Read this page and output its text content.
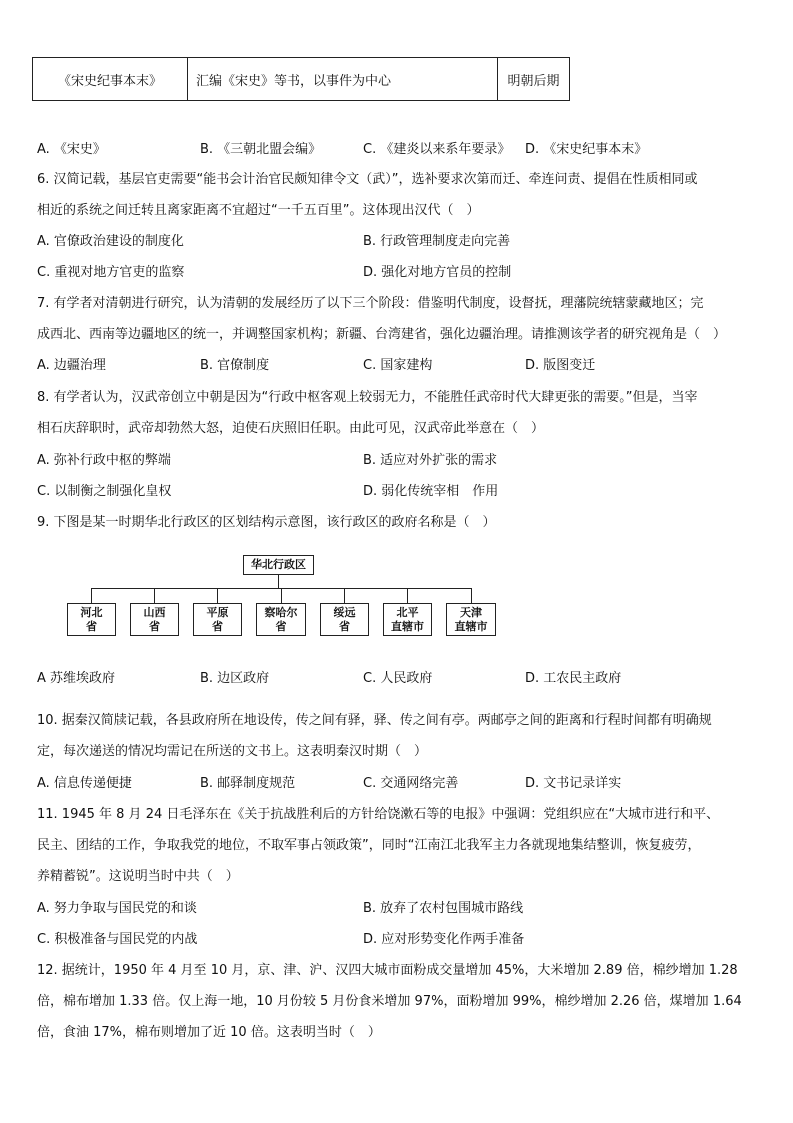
《宋史纪事本末》	汇编《宋史》等书，以事件为中心	明朝后期
A. 《宋史》	B. 《三朝北盟会编》	C. 《建炎以来系年要录》 D. 《宋史纪事本末》
6. 汉简记载，基层官吏需要“能书会计治官民颇知律令文（武）”，选补要求次第而迁、牵连问责、提倡在性质相同或
相近的系统之间迁转且离家距离不宜超过“一千五百里”。这体现出汉代（　）
A. 官僚政治建设的制度化	B. 行政管理制度走向完善
C. 重视对地方官吏的监察	D. 强化对地方官员的控制
7. 有学者对清朝进行研究，认为清朝的发展经历了以下三个阶段：借鉴明代制度，设督抚，理藩院统辖蒙藏地区；完
成西北、西南等边疆地区的统一，并调整国家机构；新疆、台湾建省，强化边疆治理。请推测该学者的研究视角是（　）
A. 边疆治理	B. 官僚制度	C. 国家建构	D. 版图变迁
8. 有学者认为，汉武帝创立中朝是因为“行政中枢客观上较弱无力，不能胜任武帝时代大肆更张的需要。”但是，当宰
相石庆辞职时，武帝却勃然大怒，迫使石庆照旧任职。由此可见，汉武帝此举意在（　）
A. 弥补行政中枢的弊端	B. 适应对外扩张的需求
C. 以制衡之制强化皇权	D. 弱化传统宰相　作用
9. 下图是某一时期华北行政区的区划结构示意图，该行政区的政府名称是（　）
华北行政区
河北
省
山西
省
平原
省
察哈尔
省
绥远
省
北平
直辖市
天津
直辖市
A 苏维埃政府	B. 边区政府	C. 人民政府	D. 工农民主政府
10. 据秦汉简牍记载，各县政府所在地设传，传之间有驿，驿、传之间有亭。两邮亭之间的距离和行程时间都有明确规
定，每次递送的情况均需记在所送的文书上。这表明秦汉时期（　）
A. 信息传递便捷	B. 邮驿制度规范	C. 交通网络完善	D. 文书记录详实
11. 1945 年 8 月 24 日毛泽东在《关于抗战胜利后的方针给饶漱石等的电报》中强调：党组织应在“大城市进行和平、
民主、团结的工作，争取我党的地位，不取军事占领政策”，同时“江南江北我军主力各就现地集结整训，恢复疲劳，
养精蓄锐”。这说明当时中共（　）
A. 努力争取与国民党的和谈	B. 放弃了农村包围城市路线
C. 积极准备与国民党的内战	D. 应对形势变化作两手准备
12. 据统计，1950 年 4 月至 10 月，京、津、沪、汉四大城市面粉成交量增加 45%，大米增加 2.89 倍，棉纱增加 1.28
倍，棉布增加 1.33 倍。仅上海一地，10 月份较 5 月份食米增加 97%，面粉增加 99%，棉纱增加 2.26 倍，煤增加 1.64
倍，食油 17%，棉布则增加了近 10 倍。这表明当时（　）
